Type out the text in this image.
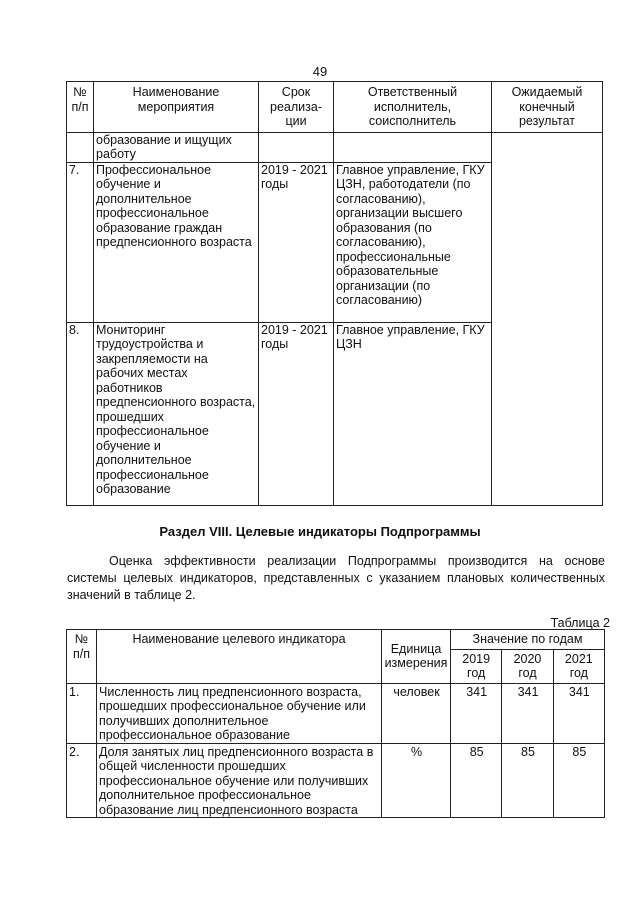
49
№ п/п	Наименование мероприятия	Срок реализа-ции	Ответственный исполнитель, соисполнитель	Ожидаемый конечный результат
	образование и ищущих работу			
7.	Профессиональное обучение и дополнительное профессиональное образование граждан предпенсионного возраста	2019 - 2021 годы	Главное управление, ГКУ ЦЗН, работодатели (по согласованию), организации высшего образования (по согласованию), профессиональные образовательные организации (по согласованию)	
8.	Мониторинг трудоустройства и закрепляемости на рабочих местах работников предпенсионного возраста, прошедших профессиональное обучение и дополнительное профессиональное образование	2019 - 2021 годы	Главное управление, ГКУ ЦЗН	
Раздел VIII. Целевые индикаторы Подпрограммы
Оценка эффективности реализации Подпрограммы производится на основе
системы целевых индикаторов, представленных с указанием плановых количественных значений в таблице 2.
Таблица 2
№ п/п	Наименование целевого индикатора	Единица измерения	Значение по годам		
			2019 год	2020 год	2021 год
1.	Численность лиц предпенсионного возраста, прошедших профессиональное обучение или получивших дополнительное профессиональное образование	человек	341	341	341
2.	Доля занятых лиц предпенсионного возраста в общей численности прошедших профессиональное обучение или получивших дополнительное профессиональное образование лиц предпенсионного возраста	%	85	85	85
